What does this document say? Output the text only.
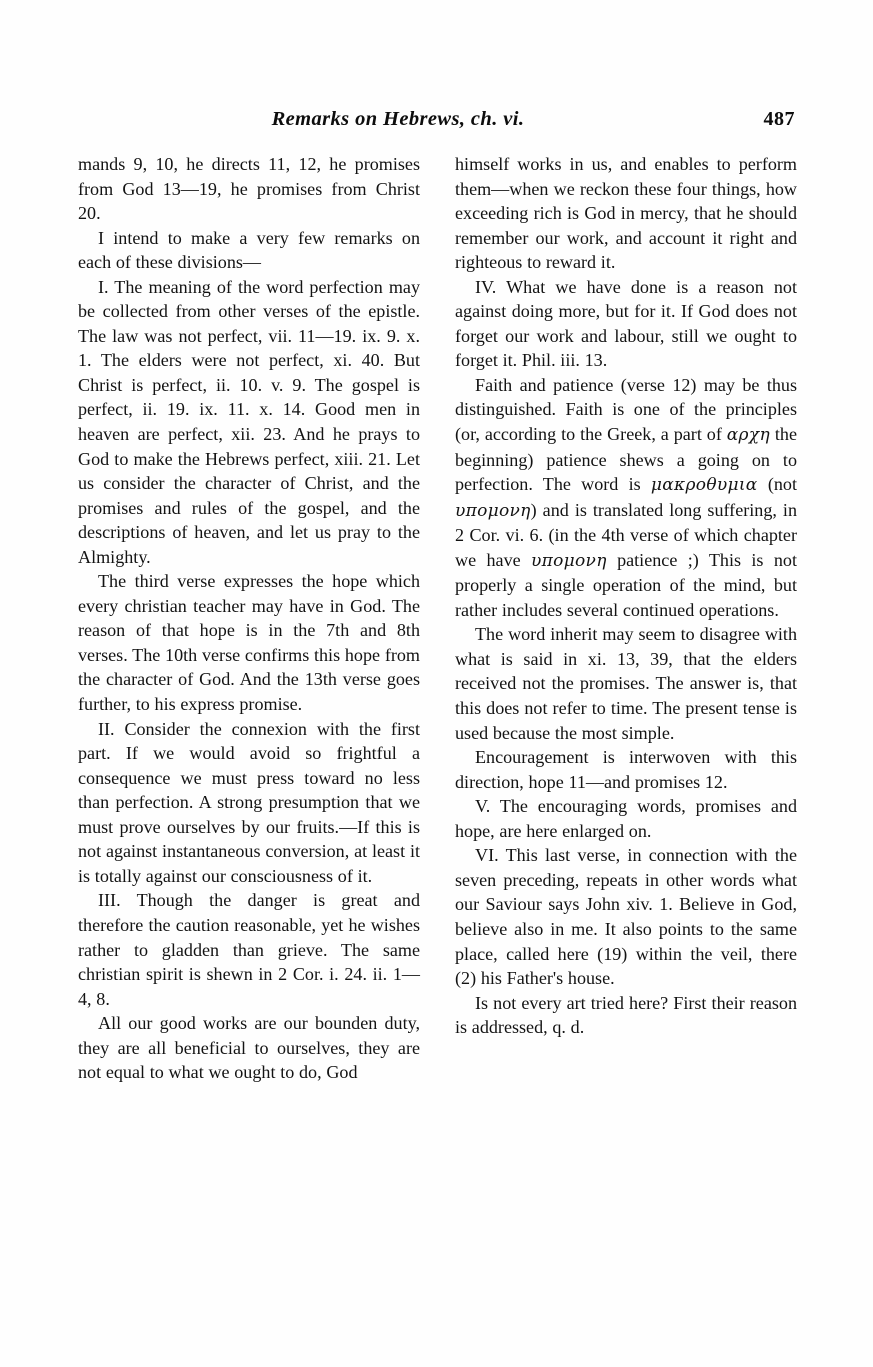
Remarks on Hebrews, ch. vi.	487

mands 9, 10, he directs 11, 12, he promises from God 13—19, he promises from Christ 20.

I intend to make a very few remarks on each of these divisions—

I. The meaning of the word perfection may be collected from other verses of the epistle. The law was not perfect, vii. 11—19. ix. 9. x. 1. The elders were not perfect, xi. 40. But Christ is perfect, ii. 10. v. 9. The gospel is perfect, ii. 19. ix. 11. x. 14. Good men in heaven are perfect, xii. 23. And he prays to God to make the Hebrews perfect, xiii. 21. Let us consider the character of Christ, and the promises and rules of the gospel, and the descriptions of heaven, and let us pray to the Almighty.

The third verse expresses the hope which every christian teacher may have in God. The reason of that hope is in the 7th and 8th verses. The 10th verse confirms this hope from the character of God. And the 13th verse goes further, to his express promise.

II. Consider the connexion with the first part. If we would avoid so frightful a consequence we must press toward no less than perfection. A strong presumption that we must prove ourselves by our fruits.—If this is not against instantaneous conversion, at least it is totally against our consciousness of it.

III. Though the danger is great and therefore the caution reasonable, yet he wishes rather to gladden than grieve. The same christian spirit is shewn in 2 Cor. i. 24. ii. 1—4, 8.

All our good works are our bounden duty, they are all beneficial to ourselves, they are not equal to what we ought to do, God

himself works in us, and enables to perform them—when we reckon these four things, how exceeding rich is God in mercy, that he should remember our work, and account it right and righteous to reward it.

IV. What we have done is a reason not against doing more, but for it. If God does not forget our work and labour, still we ought to forget it. Phil. iii. 13.

Faith and patience (verse 12) may be thus distinguished. Faith is one of the principles (or, according to the Greek, a part of αρχη the beginning) patience shews a going on to perfection. The word is μακροθυμια (not υπομονη) and is translated long suffering, in 2 Cor. vi. 6. (in the 4th verse of which chapter we have υπομονη patience ;) This is not properly a single operation of the mind, but rather includes several continued operations.

The word inherit may seem to disagree with what is said in xi. 13, 39, that the elders received not the promises. The answer is, that this does not refer to time. The present tense is used because the most simple.

Encouragement is interwoven with this direction, hope 11—and promises 12.

V. The encouraging words, promises and hope, are here enlarged on.

VI. This last verse, in connection with the seven preceding, repeats in other words what our Saviour says John xiv. 1. Believe in God, believe also in me. It also points to the same place, called here (19) within the veil, there (2) his Father's house.

Is not every art tried here? First their reason is addressed, q. d.
